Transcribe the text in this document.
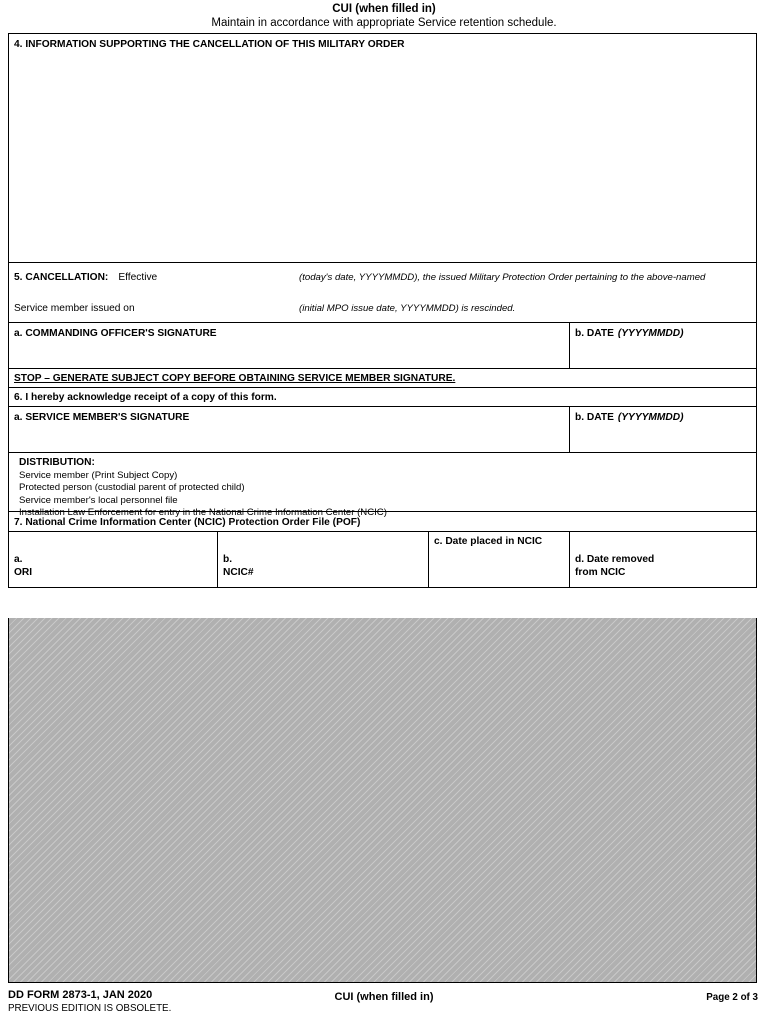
CUI (when filled in)
Maintain in accordance with appropriate Service retention schedule.
4. INFORMATION SUPPORTING THE CANCELLATION OF THIS MILITARY ORDER
5. CANCELLATION: Effective	(today's date, YYYYMMDD), the issued Military Protection Order pertaining to the above-named
Service member issued on	(initial MPO issue date, YYYYMMDD) is rescinded.
a. COMMANDING OFFICER'S SIGNATURE	b. DATE (YYYYMMDD)
STOP – GENERATE SUBJECT COPY BEFORE OBTAINING SERVICE MEMBER SIGNATURE.
6. I hereby acknowledge receipt of a copy of this form.
a. SERVICE MEMBER'S SIGNATURE	b. DATE (YYYYMMDD)
DISTRIBUTION:
Service member (Print Subject Copy)
Protected person (custodial parent of protected child)
Service member's local personnel file
Installation Law Enforcement for entry in the National Crime Information Center (NCIC)
7. National Crime Information Center (NCIC) Protection Order File (POF)
a.
ORI
b.
NCIC#
c. Date placed in NCIC
d. Date removed
from NCIC
DD FORM 2873-1, JAN 2020
PREVIOUS EDITION IS OBSOLETE.
CUI (when filled in)	Page 2 of 3
